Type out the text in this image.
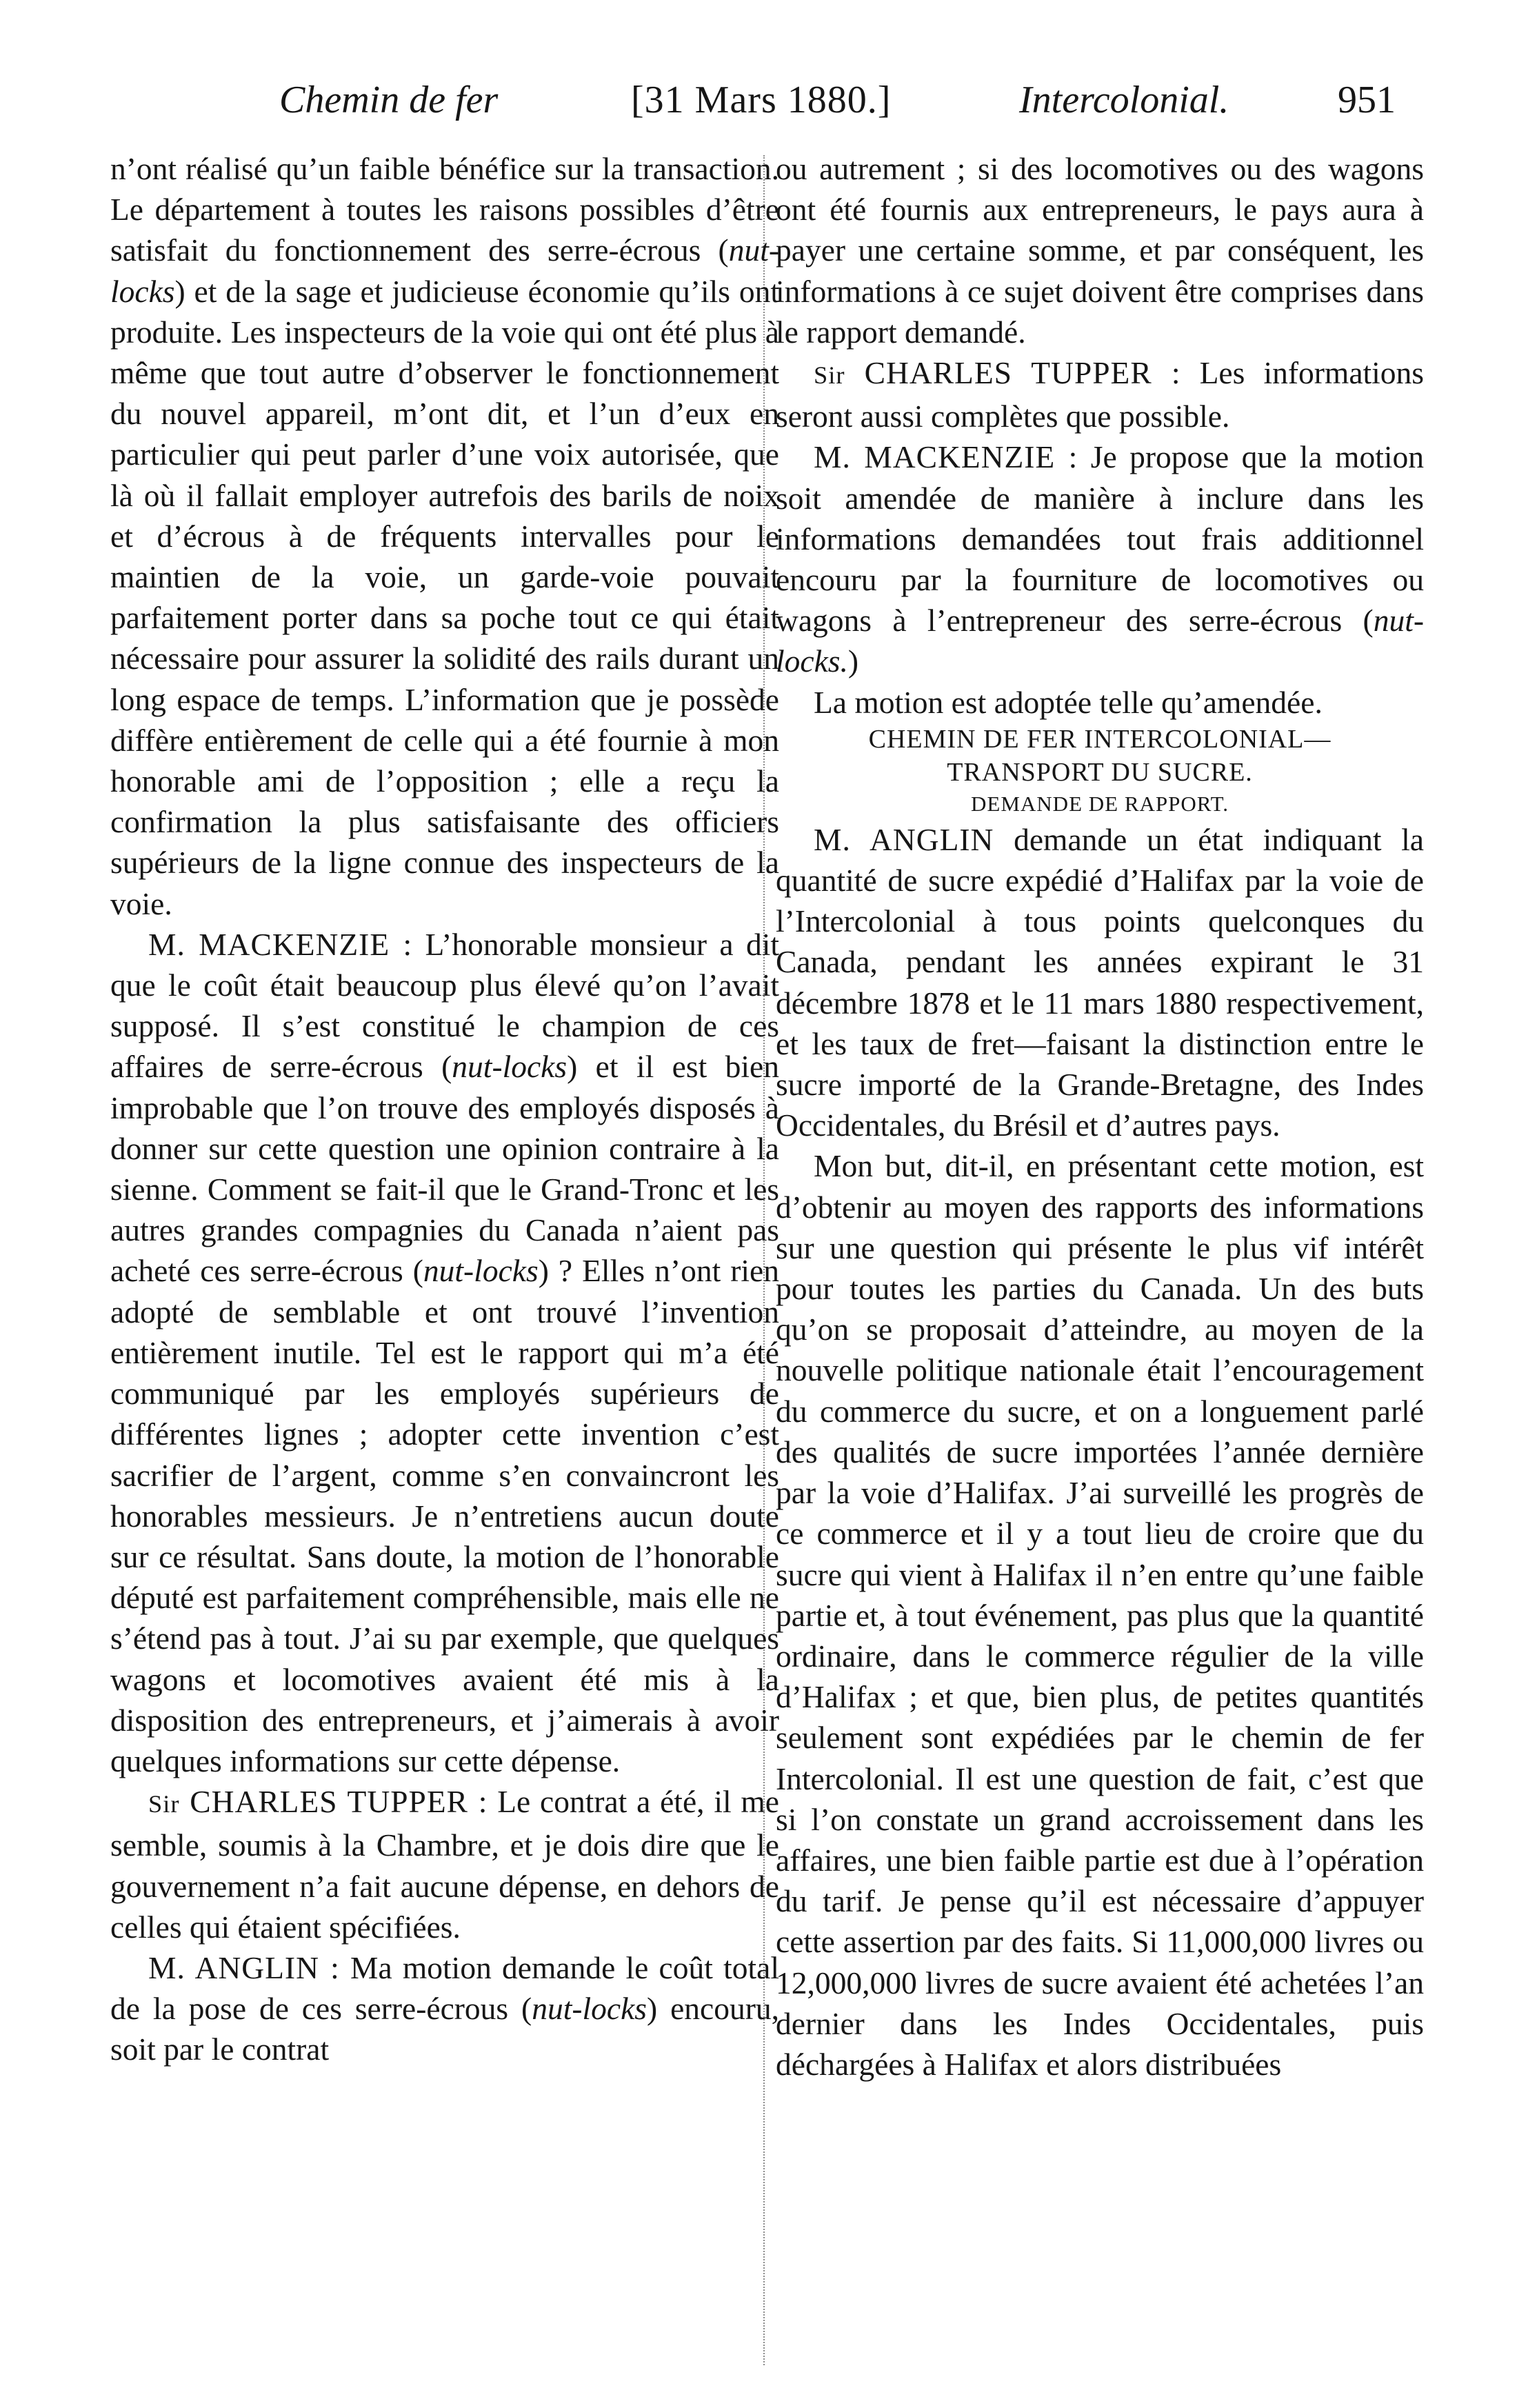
Chemin de fer	[31 Mars 1880.]	Intercolonial.	951

n’ont réalisé qu’un faible bénéfice sur la transaction. Le département à toutes les raisons possibles d’être satisfait du fonctionnement des serre-écrous (nut-locks) et de la sage et judicieuse économie qu’ils ont produite. Les inspecteurs de la voie qui ont été plus à même que tout autre d’observer le fonctionnement du nouvel appareil, m’ont dit, et l’un d’eux en particulier qui peut parler d’une voix autorisée, que là où il fallait employer autrefois des barils de noix et d’écrous à de fréquents intervalles pour le maintien de la voie, un garde-voie pouvait parfaitement porter dans sa poche tout ce qui était nécessaire pour assurer la solidité des rails durant un long espace de temps. L’information que je possède diffère entièrement de celle qui a été fournie à mon honorable ami de l’opposition ; elle a reçu la confirmation la plus satisfaisante des officiers supérieurs de la ligne connue des inspecteurs de la voie.

M. MACKENZIE : L’honorable monsieur a dit que le coût était beaucoup plus élevé qu’on l’avait supposé. Il s’est constitué le champion de ces affaires de serre-écrous (nut-locks) et il est bien improbable que l’on trouve des employés disposés à donner sur cette question une opinion contraire à la sienne. Comment se fait-il que le Grand-Tronc et les autres grandes compagnies du Canada n’aient pas acheté ces serre-écrous (nut-locks) ? Elles n’ont rien adopté de semblable et ont trouvé l’invention entièrement inutile. Tel est le rapport qui m’a été communiqué par les employés supérieurs de différentes lignes ; adopter cette invention c’est sacrifier de l’argent, comme s’en convaincront les honorables messieurs. Je n’entretiens aucun doute sur ce résultat. Sans doute, la motion de l’honorable député est parfaitement compréhensible, mais elle ne s’étend pas à tout. J’ai su par exemple, que quelques wagons et locomotives avaient été mis à la disposition des entrepreneurs, et j’aimerais à avoir quelques informations sur cette dépense.

Sir CHARLES TUPPER : Le contrat a été, il me semble, soumis à la Chambre, et je dois dire que le gouvernement n’a fait aucune dépense, en dehors de celles qui étaient spécifiées.

M. ANGLIN : Ma motion demande le coût total de la pose de ces serre-écrous (nut-locks) encouru, soit par le contrat

ou autrement ; si des locomotives ou des wagons ont été fournis aux entrepreneurs, le pays aura à payer une certaine somme, et par conséquent, les informations à ce sujet doivent être comprises dans le rapport demandé.

Sir CHARLES TUPPER : Les informations seront aussi complètes que possible.

M. MACKENZIE : Je propose que la motion soit amendée de manière à inclure dans les informations demandées tout frais additionnel encouru par la fourniture de locomotives ou wagons à l’entrepreneur des serre-écrous (nut-locks.)

La motion est adoptée telle qu’amendée.

CHEMIN DE FER INTERCOLONIAL—
TRANSPORT DU SUCRE.

DEMANDE DE RAPPORT.

M. ANGLIN demande un état indiquant la quantité de sucre expédié d’Halifax par la voie de l’Intercolonial à tous points quelconques du Canada, pendant les années expirant le 31 décembre 1878 et le 11 mars 1880 respectivement, et les taux de fret—faisant la distinction entre le sucre importé de la Grande-Bretagne, des Indes Occidentales, du Brésil et d’autres pays.

Mon but, dit-il, en présentant cette motion, est d’obtenir au moyen des rapports des informations sur une question qui présente le plus vif intérêt pour toutes les parties du Canada. Un des buts qu’on se proposait d’atteindre, au moyen de la nouvelle politique nationale était l’encouragement du commerce du sucre, et on a longuement parlé des qualités de sucre importées l’année dernière par la voie d’Halifax. J’ai surveillé les progrès de ce commerce et il y a tout lieu de croire que du sucre qui vient à Halifax il n’en entre qu’une faible partie et, à tout événement, pas plus que la quantité ordinaire, dans le commerce régulier de la ville d’Halifax ; et que, bien plus, de petites quantités seulement sont expédiées par le chemin de fer Intercolonial. Il est une question de fait, c’est que si l’on constate un grand accroissement dans les affaires, une bien faible partie est due à l’opération du tarif. Je pense qu’il est nécessaire d’appuyer cette assertion par des faits. Si 11,000,000 livres ou 12,000,000 livres de sucre avaient été achetées l’an dernier dans les Indes Occidentales, puis déchargées à Halifax et alors distribuées
